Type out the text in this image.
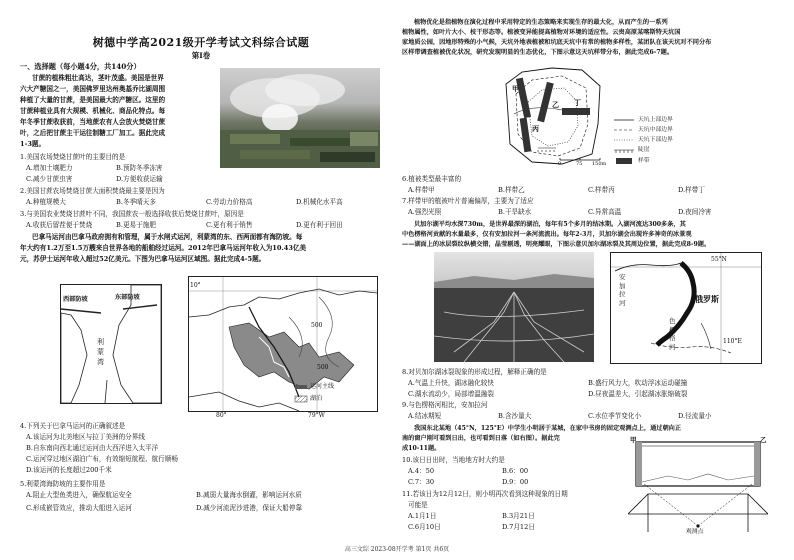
树德中学高2021级开学考试文科综合试题
第I卷
一、选择题（每小题4分，共140分）
甘蔗的植株粗壮高达，茎叶茂盛。美国是世界
六大产糖国之一，美国佛罗里达州奥基乔比湖周围
种植了大量的甘蔗，是美国最大的产糖区。这里的
甘蔗种植业具有大规模、机械化、商品化特点。每
年冬季甘蔗收获前，当地蔗农有人会放火焚烧甘蔗
叶，之后把甘蔗主干运往制糖工厂加工。据此完成
1-3题。
1.美国农场焚烧甘蔗叶的主要目的是
A.增加土壤肥力	B.预防冬季冻害
C.减少甘蔗虫害	D.方便收获运输
2.美国甘蔗农场焚烧甘蔗大面积焚烧最主要是因为
A.种植规模大	B.冬季晴天多	C.劳动力价格高	D.机械化水平高
3.与美国农业焚烧甘蔗叶不同，我国蔗农一般选择收获后焚烧甘蔗叶，原因是
A.收获后留茬便于焚烧	B.更易于施肥	C.更有利于销售	D.更有利于回田
巴拿马运河由巴拿马政府拥有和管理，属于水闸式运河，利蒙湾的东、西两面都有海防坡。每
年大约有1.2万至1.5万艘来自世界各地的船舶经过运河。2012年巴拿马运河年收入为10.43亿美
元，苏伊士运河年收入超过52亿美元。下图为巴拿马运河区域图。据此完成4-5题。
西部防坡	东部防坡
利蒙湾
10°
500
500
运河主线
湖泊
80°	79°W
4.下列关于巴拿马运河的正确叙述是
A.该运河为北美地区与拉丁美洲的分界线
B.自东南向西北通过运河由大西洋进入太平洋
C.运河穿过地区湖泊广布，有效缩短航程、航行顺畅
D.该运河的长度超过200千米
5.利蒙湾海防坡的主要作用是
A.阻止大型鱼类进入，确保航运安全	B.减弱大量海水倒灌，影响运河水质
C.形成嵌管效应，推动大船进入运河	D.减少河流泥沙进港，保证大船停靠
植物优化是指植物在演化过程中采用特定的生态策略来实现生存的最大化，从而产生的一系列
植物属性，如叶片大小、枝干形态等。植被变异能提高植物对环境的适应性。云贵高原某喀斯特天坑国
家地质公园，因地形特殊的小气候，天坑外地表植被和坑底天坑中有常的植物多样性，某团队在该天坑对不同分布
区样带调查植被优化状况，研究发现明显的生态优化，下图示意这天坑样带分布，据此完成6-7题。
甲
乙
丙
丁
0	75 150m
天坑上部边界
天坑中部边界
天坑下部边界
陡崖
样带
6.植被类型最丰富的
A.样带甲	B.样带乙	C.样带丙	D.样带丁
7.样带甲的植被叶片普遍偏厚，主要为了适应
A.强烈光照	B.干旱缺水	C.异常高温	D.夜间冷害
贝加尔湖平均水深730m，是世界最深的湖泊，每年有5个多月的结冰期。入湖河流达300多条，其
中色楞格河贡献的水量最多，仅有安加拉河一条河流流出。每年2-3月，贝加尔湖会出现许多神奇的冰景观
——湖面上的冰层裂纹纵横交错，晶莹剔透，明亮耀眼，下图示意贝加尔湖冰裂及其周边位置，据此完成8-9题。
55°N
俄罗斯
安加拉河
色楞格河
110°E
8.对贝加尔湖冰裂现象的形成过程，解释正确的是
A.气温上升快，湖冰融化较快	B.盛行风力大，吹动浮冰运动碰撞
C.湖水流动少，局部增温融裂	D.昼夜温差大，引起湖冰胀缩破裂
9.与色楞格河相比，安加拉河
A.结冰期短	B.含沙量大	C.水位季节变化小	D.径流量小
我国东北某地（45°N，125°E）中学生小明居于某城，在家中书房的固定观测点上，通过朝向正
南的窗户刚可看到日出，也可看到日落（如右图）。据此完
成10-11题。
10.该日日出时，当地地方时大约是
A.4：50	B.6：00
C.7：30	D.9：00
11.若该日为12月12日，则小明再次看到这种现象的日期
可能是
A.1月1日	B.3月21日
C.6月10日	D.7月12日
甲	乙
观测点
高三文综 2023-08开学考 第1页 共6页
